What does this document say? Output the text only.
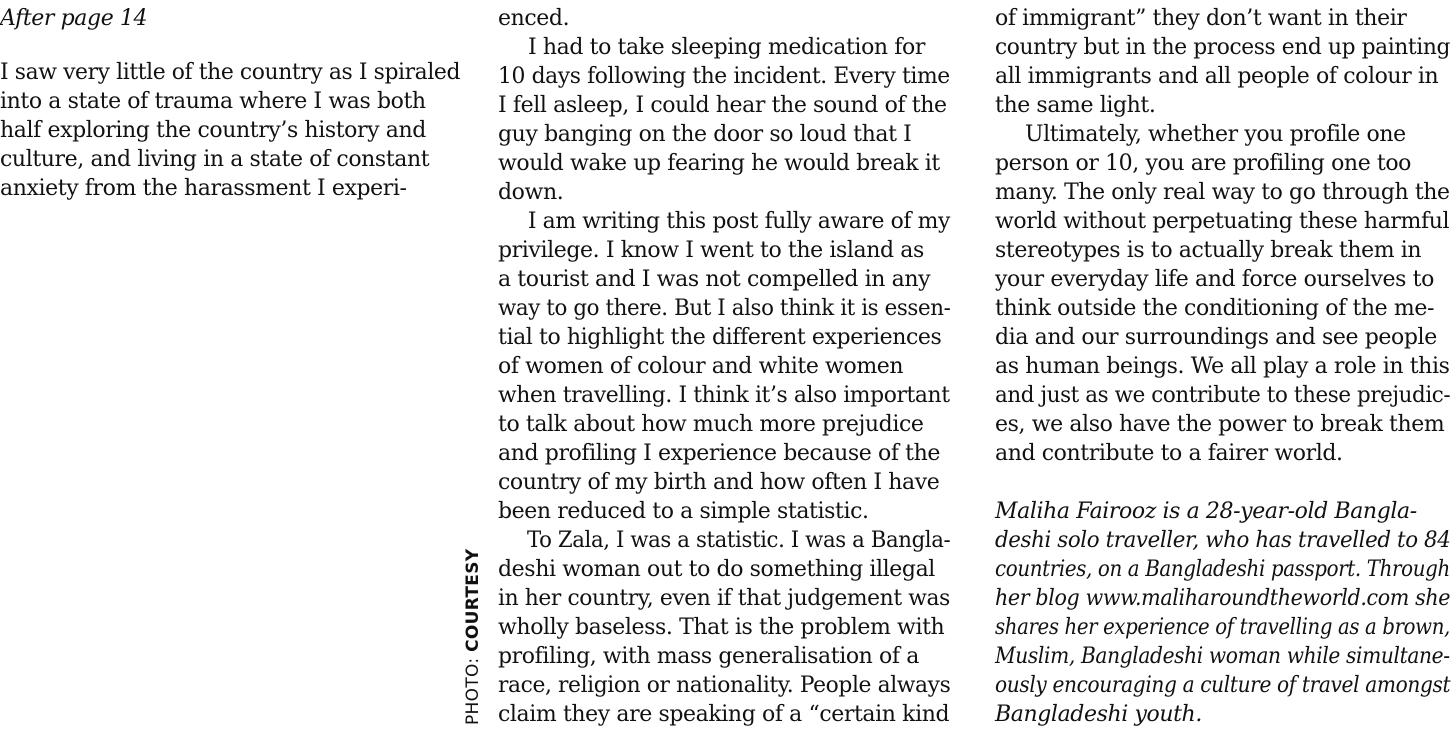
After page 14
I saw very little of the country as I spiraled
into a state of trauma where I was both
half exploring the country’s history and
culture, and living in a state of constant
anxiety from the harassment I experi-
PHOTO: COURTESY
enced.
I had to take sleeping medication for
10 days following the incident. Every time
I fell asleep, I could hear the sound of the
guy banging on the door so loud that I
would wake up fearing he would break it
down.
I am writing this post fully aware of my
privilege. I know I went to the island as
a tourist and I was not compelled in any
way to go there. But I also think it is essen-
tial to highlight the different experiences
of women of colour and white women
when travelling. I think it’s also important
to talk about how much more prejudice
and profiling I experience because of the
country of my birth and how often I have
been reduced to a simple statistic.
To Zala, I was a statistic. I was a Bangla-
deshi woman out to do something illegal
in her country, even if that judgement was
wholly baseless. That is the problem with
profiling, with mass generalisation of a
race, religion or nationality. People always
claim they are speaking of a “certain kind
of immigrant” they don’t want in their
country but in the process end up painting
all immigrants and all people of colour in
the same light.
Ultimately, whether you profile one
person or 10, you are profiling one too
many. The only real way to go through the
world without perpetuating these harmful
stereotypes is to actually break them in
your everyday life and force ourselves to
think outside the conditioning of the me-
dia and our surroundings and see people
as human beings. We all play a role in this
and just as we contribute to these prejudic-
es, we also have the power to break them
and contribute to a fairer world.
Maliha Fairooz is a 28-year-old Bangla-
deshi solo traveller, who has travelled to 84
countries, on a Bangladeshi passport. Through
her blog www.maliharoundtheworld.com she
shares her experience of travelling as a brown,
Muslim, Bangladeshi woman while simultane-
ously encouraging a culture of travel amongst
Bangladeshi youth.
